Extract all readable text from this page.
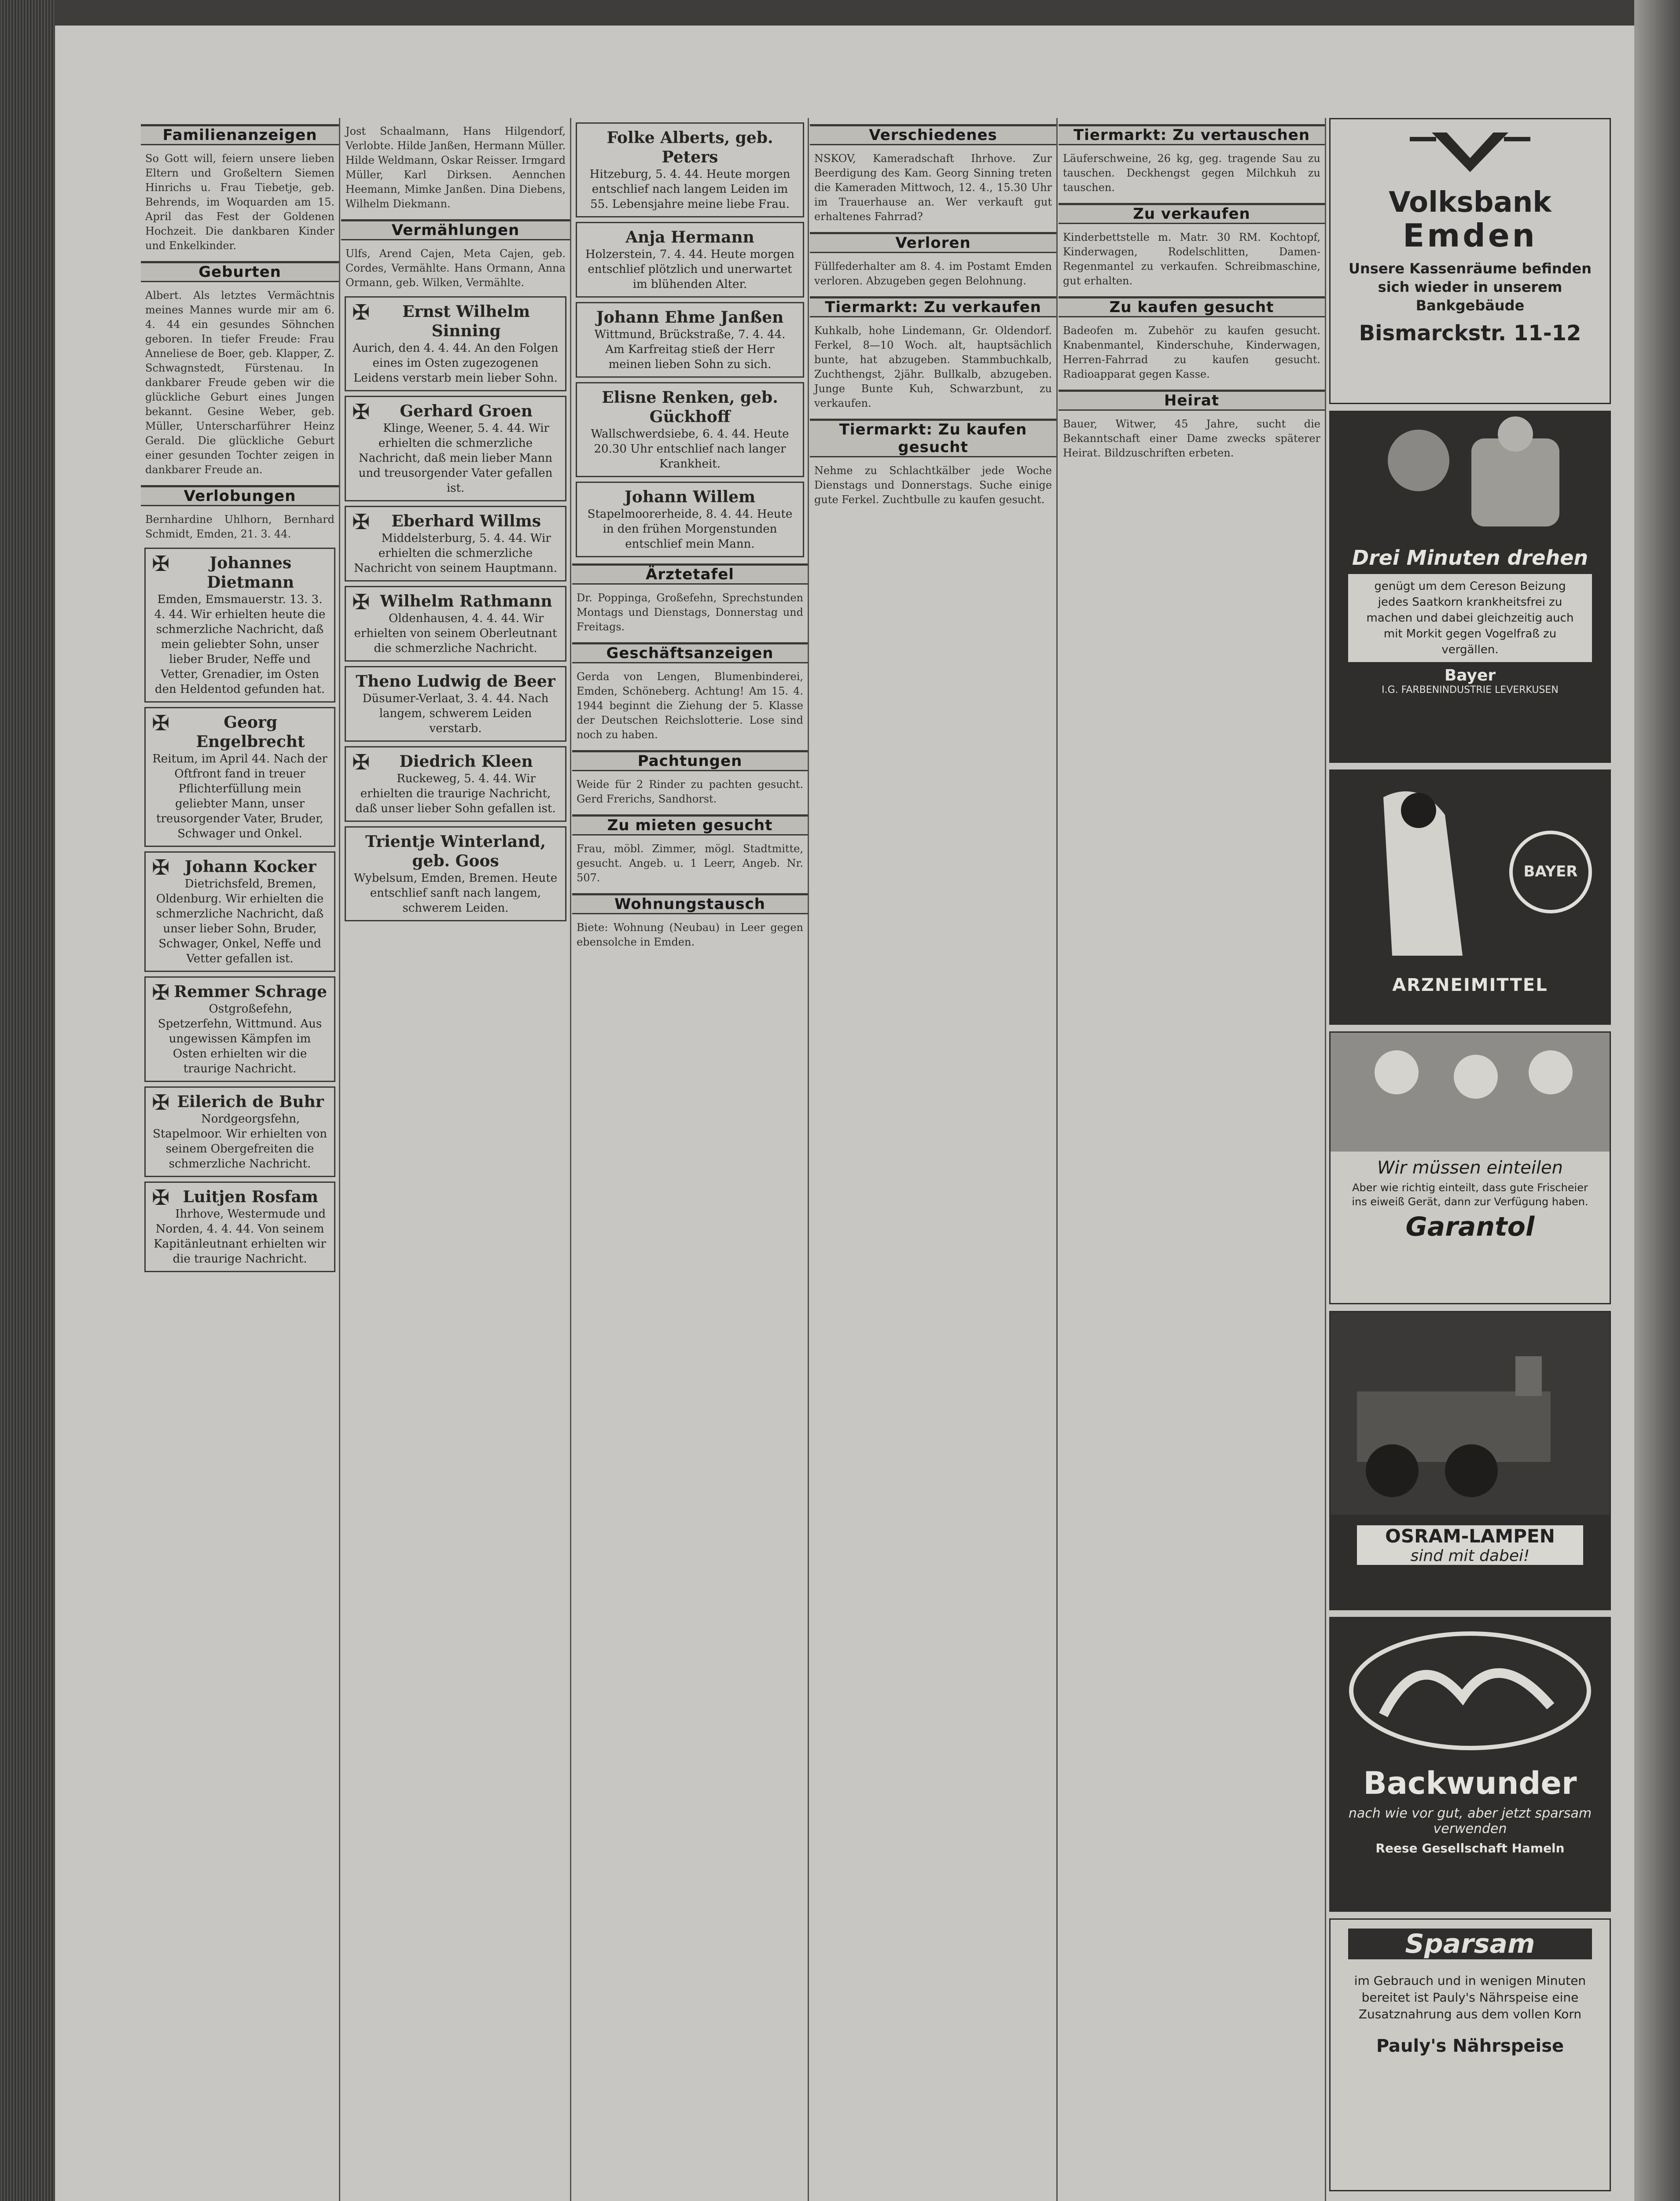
Familienanzeigen
So Gott will, feiern unsere lieben Eltern und Großeltern Siemen Hinrichs u. Frau Tiebetje, geb. Behrends, im Woquarden am 15. April das Fest der Goldenen Hochzeit. Die dankbaren Kinder und Enkelkinder.
Geburten
Albert. Als letztes Vermächtnis meines Mannes wurde mir am 6. 4. 44 ein gesundes Söhnchen geboren. In tiefer Freude: Frau Anneliese de Boer, geb. Klapper, Z. Schwagnstedt, Fürstenau. In dankbarer Freude geben wir die glückliche Geburt eines Jungen bekannt. Gesine Weber, geb. Müller, Unterscharführer Heinz Gerald. Die glückliche Geburt einer gesunden Tochter zeigen in dankbarer Freude an.
Verlobungen
Bernhardine Uhlhorn, Bernhard Schmidt, Emden, 21. 3. 44.
✠	Johannes Dietmann
Emden, Emsmauerstr. 13. 3. 4. 44. Wir erhielten heute die schmerzliche Nachricht, daß mein geliebter Sohn, unser lieber Bruder, Neffe und Vetter, Grenadier, im Osten den Heldentod gefunden hat.
✠	Georg Engelbrecht
Reitum, im April 44. Nach der Oftfront fand in treuer Pflichterfüllung mein geliebter Mann, unser treusorgender Vater, Bruder, Schwager und Onkel.
✠ Johann Kocker
Dietrichsfeld, Bremen, Oldenburg. Wir erhielten die schmerzliche Nachricht, daß unser lieber Sohn, Bruder, Schwager, Onkel, Neffe und Vetter gefallen ist.
✠ Remmer Schrage
Ostgroßefehn, Spetzerfehn, Wittmund. Aus ungewissen Kämpfen im Osten erhielten wir die traurige Nachricht.
✠ Eilerich de Buhr
Nordgeorgsfehn, Stapelmoor. Wir erhielten von seinem Obergefreiten die schmerzliche Nachricht.
✠ Luitjen Rosfam
Ihrhove, Westermude und Norden, 4. 4. 44. Von seinem Kapitänleutnant erhielten wir die traurige Nachricht.
Jost Schaalmann, Hans Hilgendorf, Verlobte. Hilde Janßen, Hermann Müller. Hilde Weldmann, Oskar Reisser. Irmgard Müller, Karl Dirksen. Aennchen Heemann, Mimke Janßen. Dina Diebens, Wilhelm Diekmann.
Vermählungen
Ulfs, Arend Cajen, Meta Cajen, geb. Cordes, Vermählte. Hans Ormann, Anna Ormann, geb. Wilken, Vermählte.
✠	Ernst Wilhelm Sinning
Aurich, den 4. 4. 44. An den Folgen eines im Osten zugezogenen Leidens verstarb mein lieber Sohn.
✠	Gerhard Groen
Klinge, Weener, 5. 4. 44. Wir erhielten die schmerzliche Nachricht, daß mein lieber Mann und treusorgender Vater gefallen ist.
✠	Eberhard Willms
Middelsterburg, 5. 4. 44. Wir erhielten die schmerzliche Nachricht von seinem Hauptmann.
✠ Wilhelm Rathmann
Oldenhausen, 4. 4. 44. Wir erhielten von seinem Oberleutnant die schmerzliche Nachricht.
Theno Ludwig de Beer
Düsumer-Verlaat, 3. 4. 44. Nach langem, schwerem Leiden verstarb.
✠	Diedrich Kleen
Ruckeweg, 5. 4. 44. Wir erhielten die traurige Nachricht, daß unser lieber Sohn gefallen ist.
Trientje Winterland, geb. Goos
Wybelsum, Emden, Bremen. Heute entschlief sanft nach langem, schwerem Leiden.
Folke Alberts, geb. Peters
Hitzeburg, 5. 4. 44. Heute morgen entschlief nach langem Leiden im 55. Lebensjahre meine liebe Frau.
Anja Hermann
Holzerstein, 7. 4. 44. Heute morgen entschlief plötzlich und unerwartet im blühenden Alter.
Johann Ehme Janßen
Wittmund, Brückstraße, 7. 4. 44. Am Karfreitag stieß der Herr meinen lieben Sohn zu sich.
Elisne Renken, geb. Gückhoff
Wallschwerdsiebe, 6. 4. 44. Heute 20.30 Uhr entschlief nach langer Krankheit.
Johann Willem
Stapelmoorerheide, 8. 4. 44. Heute in den frühen Morgenstunden entschlief mein Mann.
Ärztetafel
Dr. Poppinga, Großefehn, Sprechstunden Montags und Dienstags, Donnerstag und Freitags.
Geschäftsanzeigen
Gerda von Lengen, Blumenbinderei, Emden, Schöneberg. Achtung! Am 15. 4. 1944 beginnt die Ziehung der 5. Klasse der Deutschen Reichslotterie. Lose sind noch zu haben.
Pachtungen
Weide für 2 Rinder zu pachten gesucht. Gerd Frerichs, Sandhorst.
Zu mieten gesucht
Frau, möbl. Zimmer, mögl. Stadtmitte, gesucht. Angeb. u. 1 Leerr, Angeb. Nr. 507.
Wohnungstausch
Biete: Wohnung (Neubau) in Leer gegen ebensolche in Emden.
Verschiedenes
NSKOV, Kameradschaft Ihrhove. Zur Beerdigung des Kam. Georg Sinning treten die Kameraden Mittwoch, 12. 4., 15.30 Uhr im Trauerhause an. Wer verkauft gut erhaltenes Fahrrad?
Verloren
Füllfederhalter am 8. 4. im Postamt Emden verloren. Abzugeben gegen Belohnung.
Tiermarkt: Zu verkaufen
Kuhkalb, hohe Lindemann, Gr. Oldendorf. Ferkel, 8—10 Woch. alt, hauptsächlich bunte, hat abzugeben. Stammbuchkalb, Zuchthengst, 2jähr. Bullkalb, abzugeben. Junge Bunte Kuh, Schwarzbunt, zu verkaufen.
Tiermarkt: Zu kaufen gesucht
Nehme zu Schlachtkälber jede Woche Dienstags und Donnerstags. Suche einige gute Ferkel. Zuchtbulle zu kaufen gesucht.
Tiermarkt: Zu vertauschen
Läuferschweine, 26 kg, geg. tragende Sau zu tauschen. Deckhengst gegen Milchkuh zu tauschen.
Zu verkaufen
Kinderbettstelle m. Matr. 30 RM. Kochtopf, Kinderwagen, Rodelschlitten, Damen-Regenmantel zu verkaufen. Schreibmaschine, gut erhalten.
Zu kaufen gesucht
Badeofen m. Zubehör zu kaufen gesucht. Knabenmantel, Kinderschuhe, Kinderwagen, Herren-Fahrrad zu kaufen gesucht. Radioapparat gegen Kasse.
Heirat
Bauer, Witwer, 45 Jahre, sucht die Bekanntschaft einer Dame zwecks späterer Heirat. Bildzuschriften erbeten.
Volksbank
Emden
Unsere Kassenräume befinden sich wieder in unserem Bankgebäude
Bismarckstr. 11-12
Drei Minuten drehen
genügt um dem Cereson Beizung jedes Saatkorn krankheitsfrei zu machen und dabei gleichzeitig auch mit Morkit gegen Vogelfraß zu vergällen.
Bayer
I.G. FARBENINDUSTRIE LEVERKUSEN
BAYER
ARZNEIMITTEL
Wir müssen einteilen
Aber wie richtig einteilt, dass gute Frischeier ins eiweiß Gerät, dann zur Verfügung haben.
Garantol
OSRAM-LAMPEN
sind mit dabei!
Backwunder
nach wie vor gut, aber jetzt sparsam verwenden
Reese Gesellschaft Hameln
Sparsam
im Gebrauch und in wenigen Minuten bereitet ist Pauly's Nährspeise eine Zusatznahrung aus dem vollen Korn
Pauly's Nährspeise
